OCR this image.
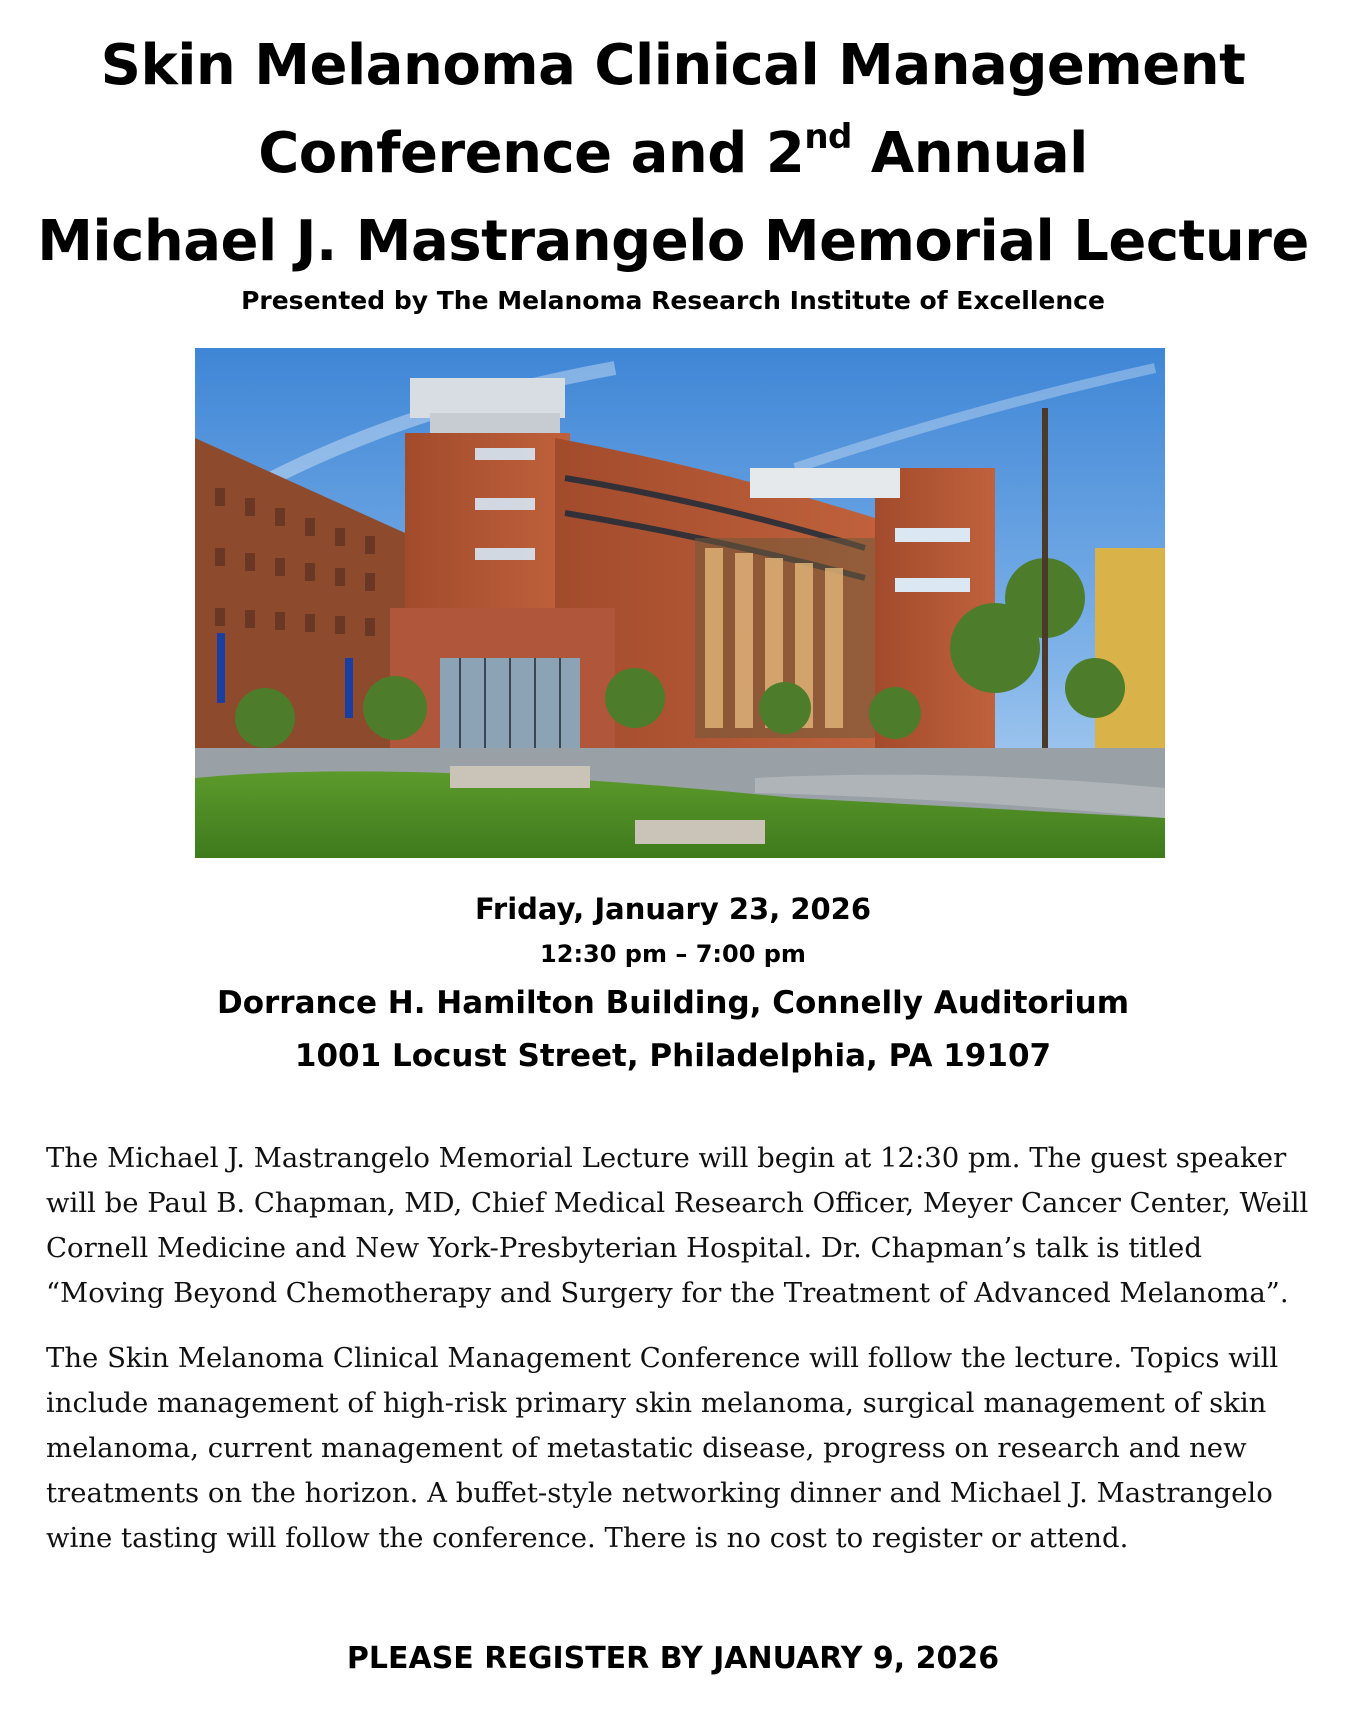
Skin Melanoma Clinical Management
Conference and 2nd Annual
Michael J. Mastrangelo Memorial Lecture
Presented by The Melanoma Research Institute of Excellence
Friday, January 23, 2026
12:30 pm – 7:00 pm
Dorrance H. Hamilton Building, Connelly Auditorium
1001 Locust Street, Philadelphia, PA 19107
The Michael J. Mastrangelo Memorial Lecture will begin at 12:30 pm. The guest speaker will be Paul B. Chapman, MD, Chief Medical Research Officer, Meyer Cancer Center, Weill Cornell Medicine and New York-Presbyterian Hospital. Dr. Chapman’s talk is titled “Moving Beyond Chemotherapy and Surgery for the Treatment of Advanced Melanoma”.
The Skin Melanoma Clinical Management Conference will follow the lecture. Topics will include management of high-risk primary skin melanoma, surgical management of skin melanoma, current management of metastatic disease, progress on research and new treatments on the horizon. A buffet-style networking dinner and Michael J. Mastrangelo wine tasting will follow the conference. There is no cost to register or attend.
PLEASE REGISTER BY JANUARY 9, 2026
